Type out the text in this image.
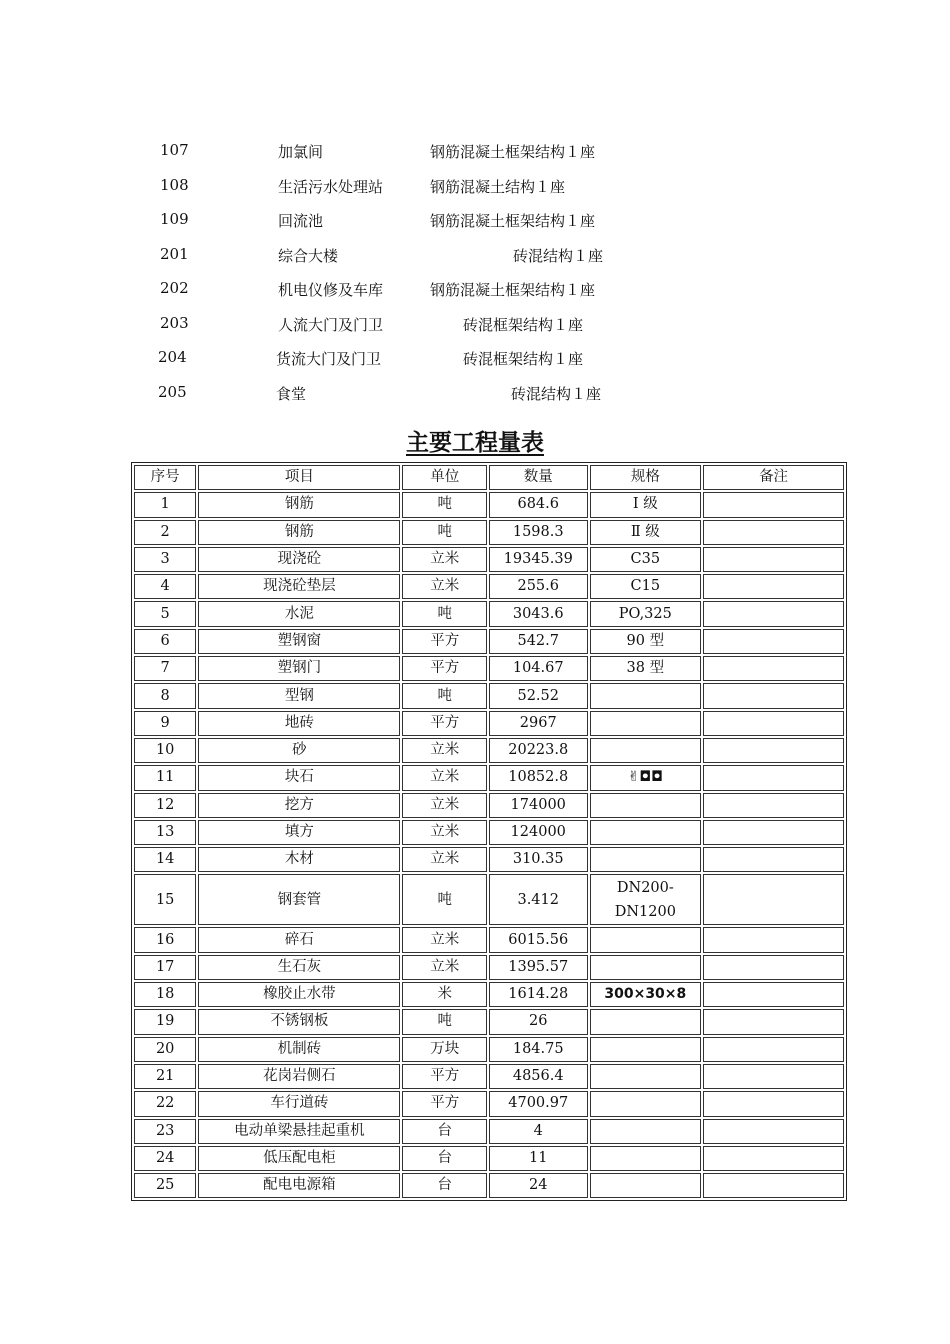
107	加氯间	钢筋混凝土框架结构１座
108	生活污水处理站	钢筋混凝土结构１座
109	回流池	钢筋混凝土框架结构１座
201	综合大楼	砖混结构１座
202	机电仪修及车库	钢筋混凝土框架结构１座
203	人流大门及门卫	砖混框架结构１座
204	货流大门及门卫	砖混框架结构１座
205	食堂	砖混结构１座
主要工程量表
序号	项目	单位	数量	规格	备注
1	钢筋	吨	684.6	Ⅰ 级	
2	钢筋	吨	1598.3	Ⅱ 级	
3	现浇砼	立米	19345.39	C35	
4	现浇砼垫层	立米	255.6	C15	
5	水泥	吨	3043.6	PO,325	
6	塑钢窗	平方	542.7	90 型	
7	塑钢门	平方	104.67	38 型	
8	型钢	吨	52.52		
9	地砖	平方	2967		
10	砂	立米	20223.8		
11	块石	立米	10852.8	✌◘◘	
12	挖方	立米	174000		
13	填方	立米	124000		
14	木材	立米	310.35		
15	钢套管	吨	3.412	DN200-DN1200	
16	碎石	立米	6015.56		
17	生石灰	立米	1395.57		
18	橡胶止水带	米	1614.28	300×30×8	
19	不锈钢板	吨	26		
20	机制砖	万块	184.75		
21	花岗岩侧石	平方	4856.4		
22	车行道砖	平方	4700.97		
23	电动单梁悬挂起重机	台	4		
24	低压配电柜	台	11		
25	配电电源箱	台	24		
